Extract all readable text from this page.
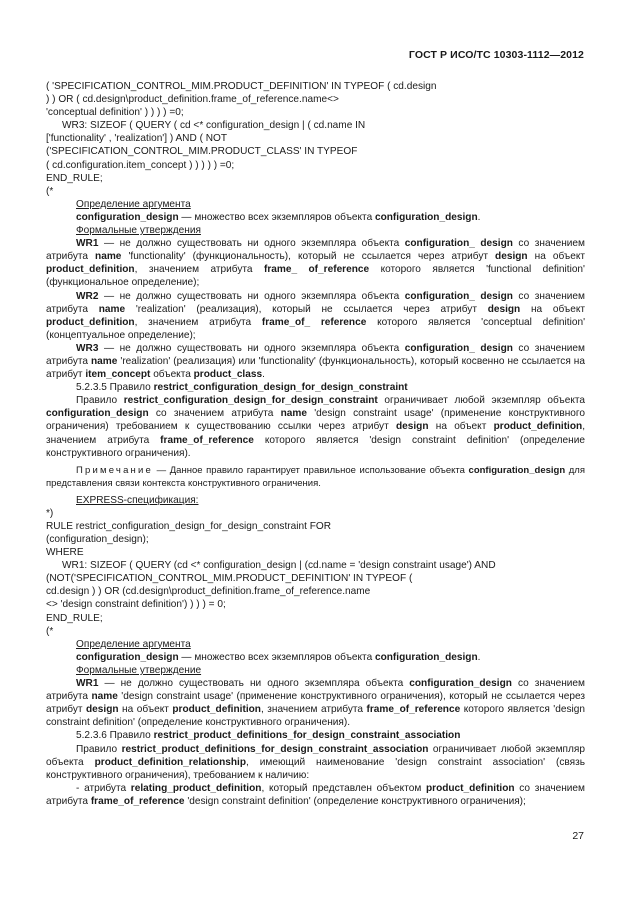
ГОСТ Р ИСО/ТС 10303-1112—2012

( 'SPECIFICATION_CONTROL_MIM.PRODUCT_DEFINITION' IN TYPEOF ( cd.design

) ) OR ( cd.design\product_definition.frame_of_reference.name<>

'conceptual definition' ) ) ) ) =0;

WR3: SIZEOF ( QUERY ( cd <* configuration_design | ( cd.name IN

['functionality' , 'realization'] ) AND ( NOT

('SPECIFICATION_CONTROL_MIM.PRODUCT_CLASS' IN TYPEOF

( cd.configuration.item_concept ) ) ) ) ) =0;

END_RULE;

(*

Определение аргумента

configuration_design — множество всех экземпляров объекта configuration_design.

Формальные утверждения

WR1 — не должно существовать ни одного экземпляра объекта configuration_ design со значением атрибута name 'functionality' (функциональность), который не ссылается через атрибут design на объект product_definition, значением атрибута frame_ of_reference которого является 'functional definition' (функциональное определение);

WR2 — не должно существовать ни одного экземпляра объекта configuration_ design со значением атрибута name 'realization' (реализация), который не ссылается через атрибут design на объект product_definition, значением атрибута frame_of_ reference которого является 'conceptual definition' (концептуальное определение);

WR3 — не должно существовать ни одного экземпляра объекта configuration_ design со значением атрибута name 'realization' (реализация) или 'functionality' (функциональность), который косвенно не ссылается на атрибут item_concept объекта product_class.

5.2.3.5 Правило restrict_configuration_design_for_design_constraint

Правило restrict_configuration_design_for_design_constraint ограничивает любой экземпляр объекта configuration_design со значением атрибута name 'design constraint usage' (применение конструктивного ограничения) требованием к существованию ссылки через атрибут design на объект product_definition, значением атрибута frame_of_reference которого является 'design constraint definition' (определение конструктивного ограничения).

Примечание — Данное правило гарантирует правильное использование объекта configuration_design для представления связи контекста конструктивного ограничения.

EXPRESS-спецификация:

*)

RULE restrict_configuration_design_for_design_constraint FOR

(configuration_design);

WHERE

WR1: SIZEOF ( QUERY (cd <* configuration_design | (cd.name = 'design constraint usage') AND

(NOT('SPECIFICATION_CONTROL_MIM.PRODUCT_DEFINITION' IN TYPEOF (

cd.design ) ) OR (cd.design\product_definition.frame_of_reference.name

<> 'design constraint definition') ) ) ) = 0;

END_RULE;

(*

Определение аргумента

configuration_design — множество всех экземпляров объекта configuration_design.

Формальные утверждение

WR1 — не должно существовать ни одного экземпляра объекта configuration_design со значением атрибута name 'design constraint usage' (применение конструктивного ограничения), который не ссылается через атрибут design на объект product_definition, значением атрибута frame_of_reference которого является 'design constraint definition' (определение конструктивного ограничения).

5.2.3.6 Правило restrict_product_definitions_for_design_constraint_association

Правило restrict_product_definitions_for_design_constraint_association ограничивает любой экземпляр объекта product_definition_relationship, имеющий наименование 'design constraint association' (связь конструктивного ограничения), требованием к наличию:

- атрибута relating_product_definition, который представлен объектом product_definition со значением атрибута frame_of_reference 'design constraint definition' (определение конструктивного ограничения);

27
